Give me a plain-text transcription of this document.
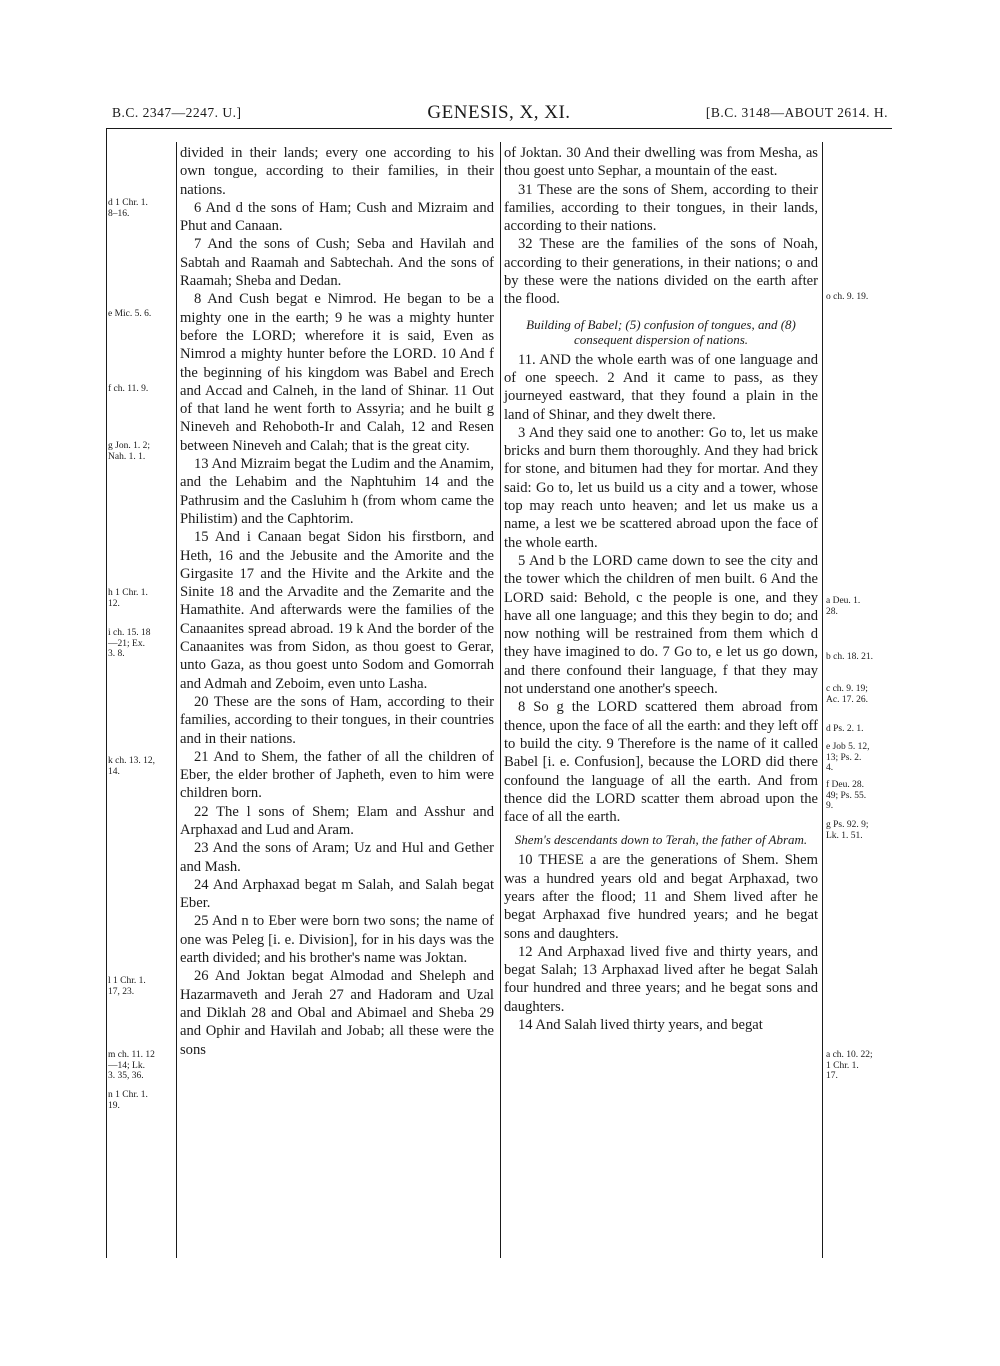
B.C. 2347—2247. U.]	GENESIS, X, XI.	[B.C. 3148—ABOUT 2614. H.
d 1 Chr. 1.
8–16.
e Mic. 5. 6.
f ch. 11. 9.
g Jon. 1. 2;
Nah. 1. 1.
h 1 Chr. 1.
12.
i ch. 15. 18
—21; Ex.
3. 8.
k ch. 13. 12,
14.
l 1 Chr. 1.
17, 23.
m ch. 11. 12
—14; Lk.
3. 35, 36.
n 1 Chr. 1.
19.
o ch. 9. 19.
a Deu. 1.
28.
b ch. 18. 21.
c ch. 9. 19;
Ac. 17. 26.
d Ps. 2. 1.
e Job 5. 12,
13; Ps. 2.
4.
f Deu. 28.
49; Ps. 55.
9.
g Ps. 92. 9;
Lk. 1. 51.
a ch. 10. 22;
1 Chr. 1.
17.

divided in their lands; every one according to his own tongue, according to their families, in their nations.

6 And d the sons of Ham; Cush and Mizraim and Phut and Canaan.

7 And the sons of Cush; Seba and Havilah and Sabtah and Raamah and Sabtechah. And the sons of Raamah; Sheba and Dedan.

8 And Cush begat e Nimrod. He began to be a mighty one in the earth; 9 he was a mighty hunter before the LORD; wherefore it is said, Even as Nimrod a mighty hunter before the LORD. 10 And f the beginning of his kingdom was Babel and Erech and Accad and Calneh, in the land of Shinar. 11 Out of that land he went forth to Assyria; and he built g Nineveh and Rehoboth-Ir and Calah, 12 and Resen between Nineveh and Calah; that is the great city.

13 And Mizraim begat the Ludim and the Anamim, and the Lehabim and the Naphtuhim 14 and the Pathrusim and the Casluhim h (from whom came the Philistim) and the Caphtorim.

15 And i Canaan begat Sidon his firstborn, and Heth, 16 and the Jebusite and the Amorite and the Girgasite 17 and the Hivite and the Arkite and the Sinite 18 and the Arvadite and the Zemarite and the Hamathite. And afterwards were the families of the Canaanites spread abroad. 19 k And the border of the Canaanites was from Sidon, as thou goest to Gerar, unto Gaza, as thou goest unto Sodom and Gomorrah and Admah and Zeboim, even unto Lasha.

20 These are the sons of Ham, according to their families, according to their tongues, in their countries and in their nations.

21 And to Shem, the father of all the children of Eber, the elder brother of Japheth, even to him were children born.

22 The l sons of Shem; Elam and Asshur and Arphaxad and Lud and Aram.

23 And the sons of Aram; Uz and Hul and Gether and Mash.

24 And Arphaxad begat m Salah, and Salah begat Eber.

25 And n to Eber were born two sons; the name of one was Peleg [i. e. Division], for in his days was the earth divided; and his brother's name was Joktan.

26 And Joktan begat Almodad and Sheleph and Hazarmaveth and Jerah 27 and Hadoram and Uzal and Diklah 28 and Obal and Abimael and Sheba 29 and Ophir and Havilah and Jobab; all these were the sons

of Joktan. 30 And their dwelling was from Mesha, as thou goest unto Sephar, a mountain of the east.

31 These are the sons of Shem, according to their families, according to their tongues, in their lands, according to their nations.

32 These are the families of the sons of Noah, according to their generations, in their nations; o and by these were the nations divided on the earth after the flood.

Building of Babel; (5) confusion of tongues, and (8) consequent dispersion of nations.

11. AND the whole earth was of one language and of one speech. 2 And it came to pass, as they journeyed eastward, that they found a plain in the land of Shinar, and they dwelt there.

3 And they said one to another: Go to, let us make bricks and burn them thoroughly. And they had brick for stone, and bitumen had they for mortar. And they said: Go to, let us build us a city and a tower, whose top may reach unto heaven; and let us make us a name, a lest we be scattered abroad upon the face of the whole earth.

5 And b the LORD came down to see the city and the tower which the children of men built. 6 And the LORD said: Behold, c the people is one, and they have all one language; and this they begin to do; and now nothing will be restrained from them which d they have imagined to do. 7 Go to, e let us go down, and there confound their language, f that they may not understand one another's speech.

8 So g the LORD scattered them abroad from thence, upon the face of all the earth: and they left off to build the city. 9 Therefore is the name of it called Babel [i. e. Confusion], because the LORD did there confound the language of all the earth. And from thence did the LORD scatter them abroad upon the face of all the earth.

Shem's descendants down to Terah, the father of Abram.

10 THESE a are the generations of Shem. Shem was a hundred years old and begat Arphaxad, two years after the flood; 11 and Shem lived after he begat Arphaxad five hundred years; and he begat sons and daughters.

12 And Arphaxad lived five and thirty years, and begat Salah; 13 Arphaxad lived after he begat Salah four hundred and three years; and he begat sons and daughters.

14 And Salah lived thirty years, and begat
